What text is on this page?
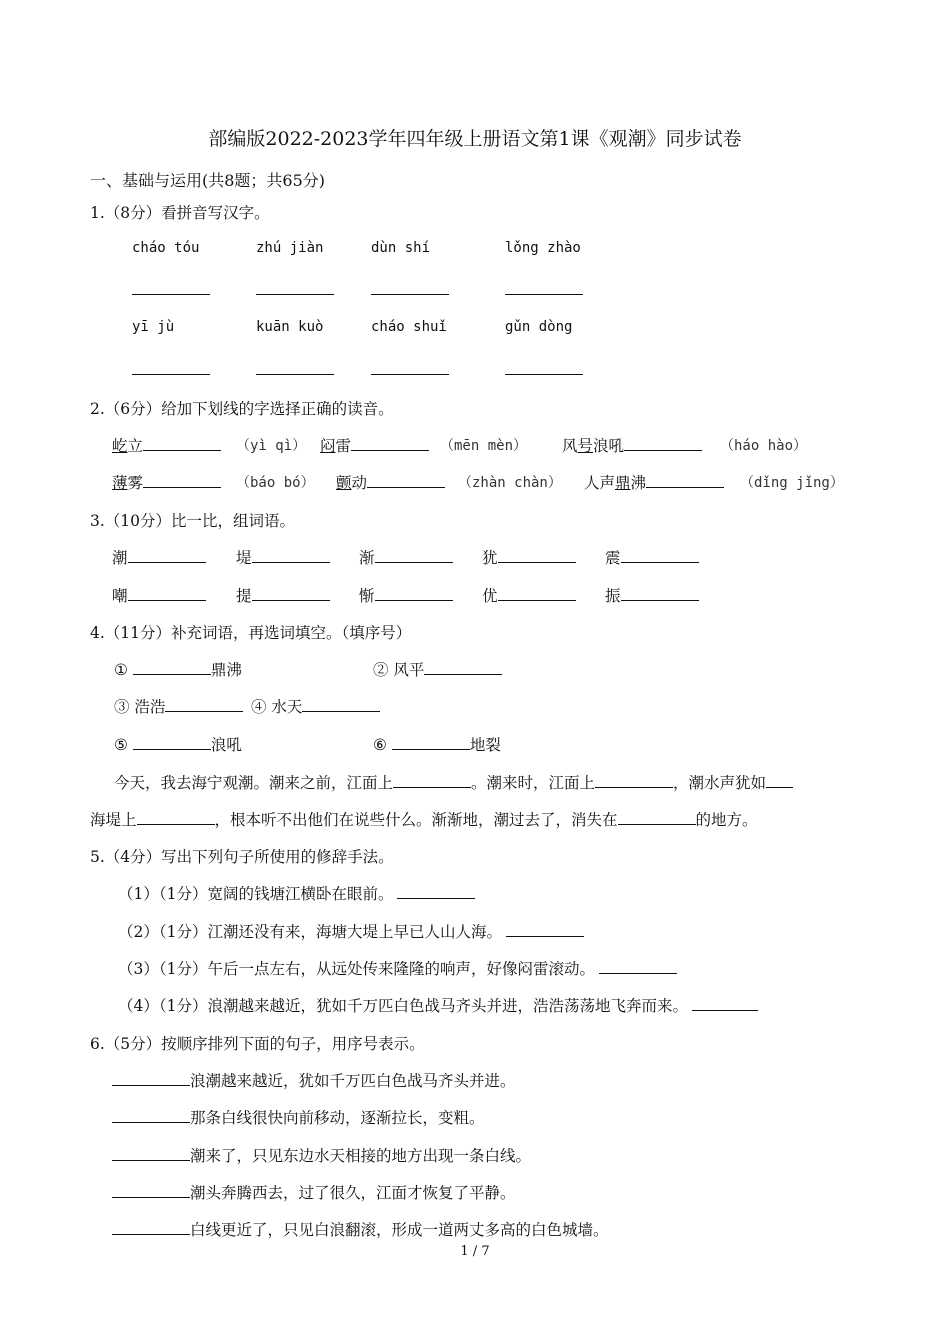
部编版2022-2023学年四年级上册语文第1课《观潮》同步试卷
一、基础与运用(共8题；共65分)
1.（8分）看拼音写汉字。
cháo tóu	zhú jiàn	dùn shí	lǒng zhào
yī jù	kuān kuò	cháo shuǐ	gǔn dòng
2.（6分）给加下划线的字选择正确的读音。
屹立	（yì qì） 闷雷	（mēn mèn） 风号浪吼	（háo hào）
薄雾	（báo bó） 颤动	（zhàn chàn） 人声鼎沸	（dǐng jǐng）
3.（10分）比一比，组词语。
潮	堤	渐	犹	震
嘲	提	惭	优	振
4.（11分）补充词语，再选词填空。（填序号）
①	鼎沸	② 风平
③ 浩浩	④ 水天
⑤	浪吼	⑥	地裂
今天，我去海宁观潮。潮来之前，江面上	。潮来时，江面上	，潮水声犹如
海堤上	，根本听不出他们在说些什么。渐渐地，潮过去了，消失在	的地方。
5.（4分）写出下列句子所使用的修辞手法。
（1）（1分）宽阔的钱塘江横卧在眼前。
（2）（1分）江潮还没有来，海塘大堤上早已人山人海。
（3）（1分）午后一点左右，从远处传来隆隆的响声，好像闷雷滚动。
（4）（1分）浪潮越来越近，犹如千万匹白色战马齐头并进，浩浩荡荡地飞奔而来。
6.（5分）按顺序排列下面的句子，用序号表示。
浪潮越来越近，犹如千万匹白色战马齐头并进。
那条白线很快向前移动，逐渐拉长，变粗。
潮来了，只见东边水天相接的地方出现一条白线。
潮头奔腾西去，过了很久，江面才恢复了平静。
白线更近了，只见白浪翻滚，形成一道两丈多高的白色城墙。
1 / 7
